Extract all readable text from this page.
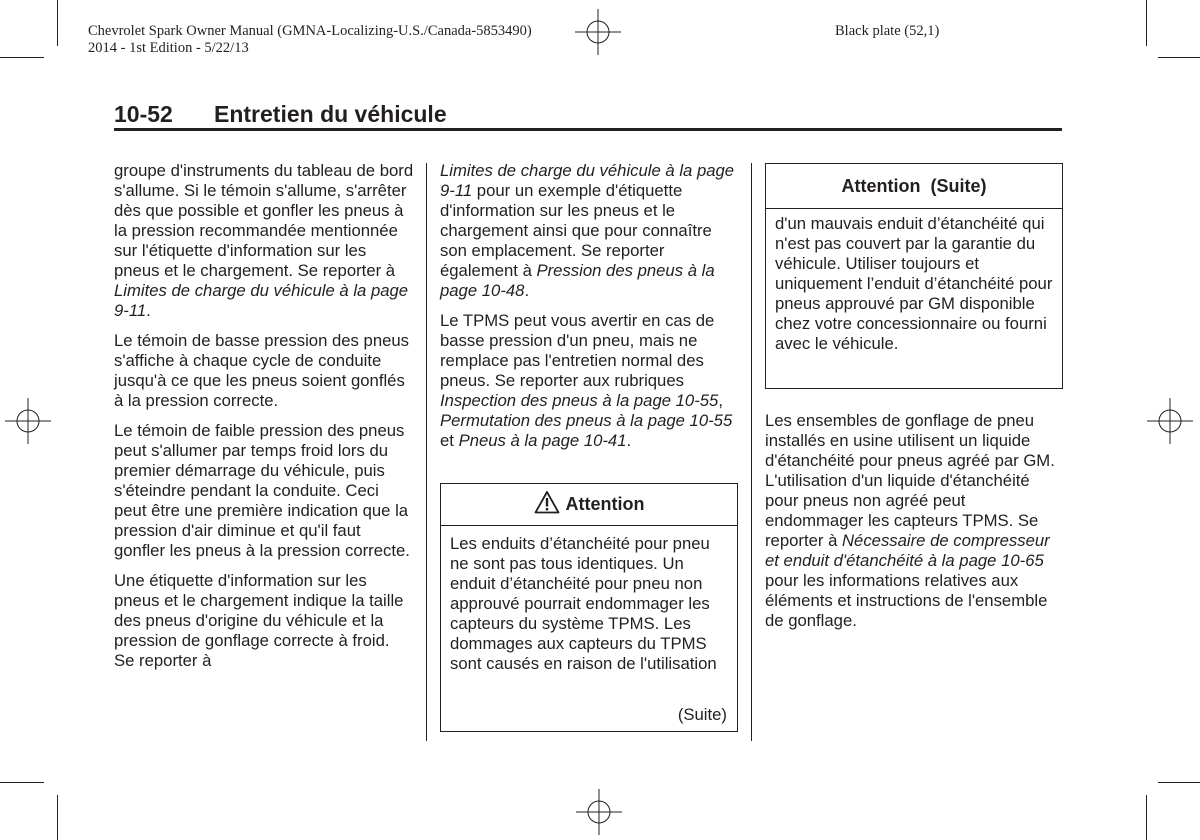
Chevrolet Spark Owner Manual (GMNA-Localizing-U.S./Canada-5853490)
2014 - 1st Edition - 5/22/13
Black plate (52,1)
10-52 Entretien du véhicule

groupe d'instruments du tableau de bord s'allume. Si le témoin s'allume, s'arrêter dès que possible et gonfler les pneus à la pression recommandée mentionnée sur l'étiquette d'information sur les pneus et le chargement. Se reporter à Limites de charge du véhicule à la page 9-11.

Le témoin de basse pression des pneus s'affiche à chaque cycle de conduite jusqu'à ce que les pneus soient gonflés à la pression correcte.

Le témoin de faible pression des pneus peut s'allumer par temps froid lors du premier démarrage du véhicule, puis s'éteindre pendant la conduite. Ceci peut être une première indication que la pression d'air diminue et qu'il faut gonfler les pneus à la pression correcte.

Une étiquette d'information sur les pneus et le chargement indique la taille des pneus d'origine du véhicule et la pression de gonflage correcte à froid. Se reporter à

Limites de charge du véhicule à la page 9-11 pour un exemple d'étiquette d'information sur les pneus et le chargement ainsi que pour connaître son emplacement. Se reporter également à Pression des pneus à la page 10-48.

Le TPMS peut vous avertir en cas de basse pression d'un pneu, mais ne remplace pas l'entretien normal des pneus. Se reporter aux rubriques Inspection des pneus à la page 10-55, Permutation des pneus à la page 10-55 et Pneus à la page 10-41.

Attention
Les enduits d’étanchéité pour pneu ne sont pas tous identiques. Un enduit d’étanchéité pour pneu non approuvé pourrait endommager les capteurs du système TPMS. Les dommages aux capteurs du TPMS sont causés en raison de l'utilisation
(Suite)
Attention  (Suite)
d'un mauvais enduit d’étanchéité qui n'est pas couvert par la garantie du véhicule. Utiliser toujours et uniquement l’enduit d’étanchéité pour pneus approuvé par GM disponible chez votre concessionnaire ou fourni avec le véhicule.

Les ensembles de gonflage de pneu installés en usine utilisent un liquide d'étanchéité pour pneus agréé par GM. L'utilisation d'un liquide d'étanchéité pour pneus non agréé peut endommager les capteurs TPMS. Se reporter à Nécessaire de compresseur et enduit d'étanchéité à la page 10-65 pour les informations relatives aux éléments et instructions de l'ensemble de gonflage.
